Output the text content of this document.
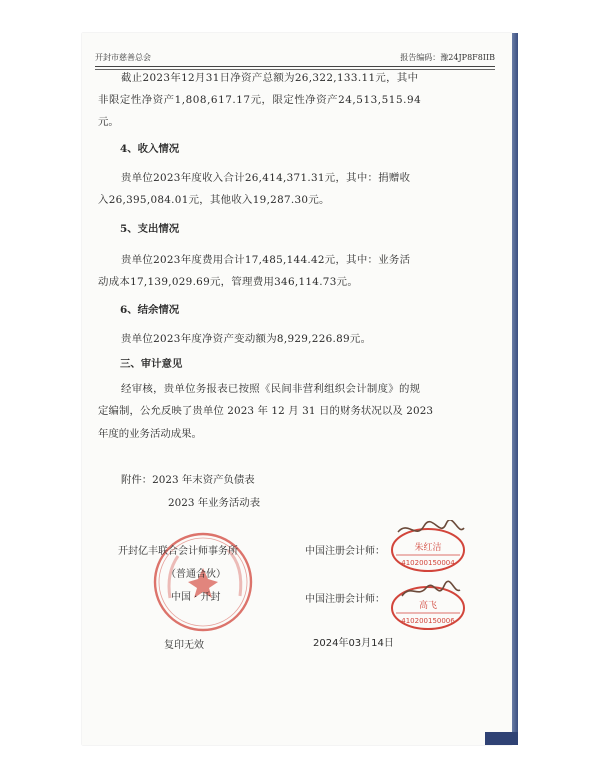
开封市慈善总会	报告编码：豫24JP8F8IIB
截止2023年12月31日净资产总额为26,322,133.11元，其中
非限定性净资产1,808,617.17元，限定性净资产24,513,515.94
元。
4、收入情况
贵单位2023年度收入合计26,414,371.31元，其中：捐赠收
入26,395,084.01元，其他收入19,287.30元。
5、支出情况
贵单位2023年度费用合计17,485,144.42元，其中：业务活
动成本17,139,029.69元，管理费用346,114.73元。
6、结余情况
贵单位2023年度净资产变动额为8,929,226.89元。
三、审计意见
经审核，贵单位务报表已按照《民间非营利组织会计制度》的规
定编制，公允反映了贵单位 2023 年 12 月 31 日的财务状况以及 2023
年度的业务活动成果。
附件：2023 年末资产负债表
2023 年业务活动表
开封亿丰联合会计师事务所
（普通合伙）
中国 · 开封
复印无效
中国注册会计师：
中国注册会计师：
2024年03月14日
朱红洁
410200150004
高飞
410200150006
